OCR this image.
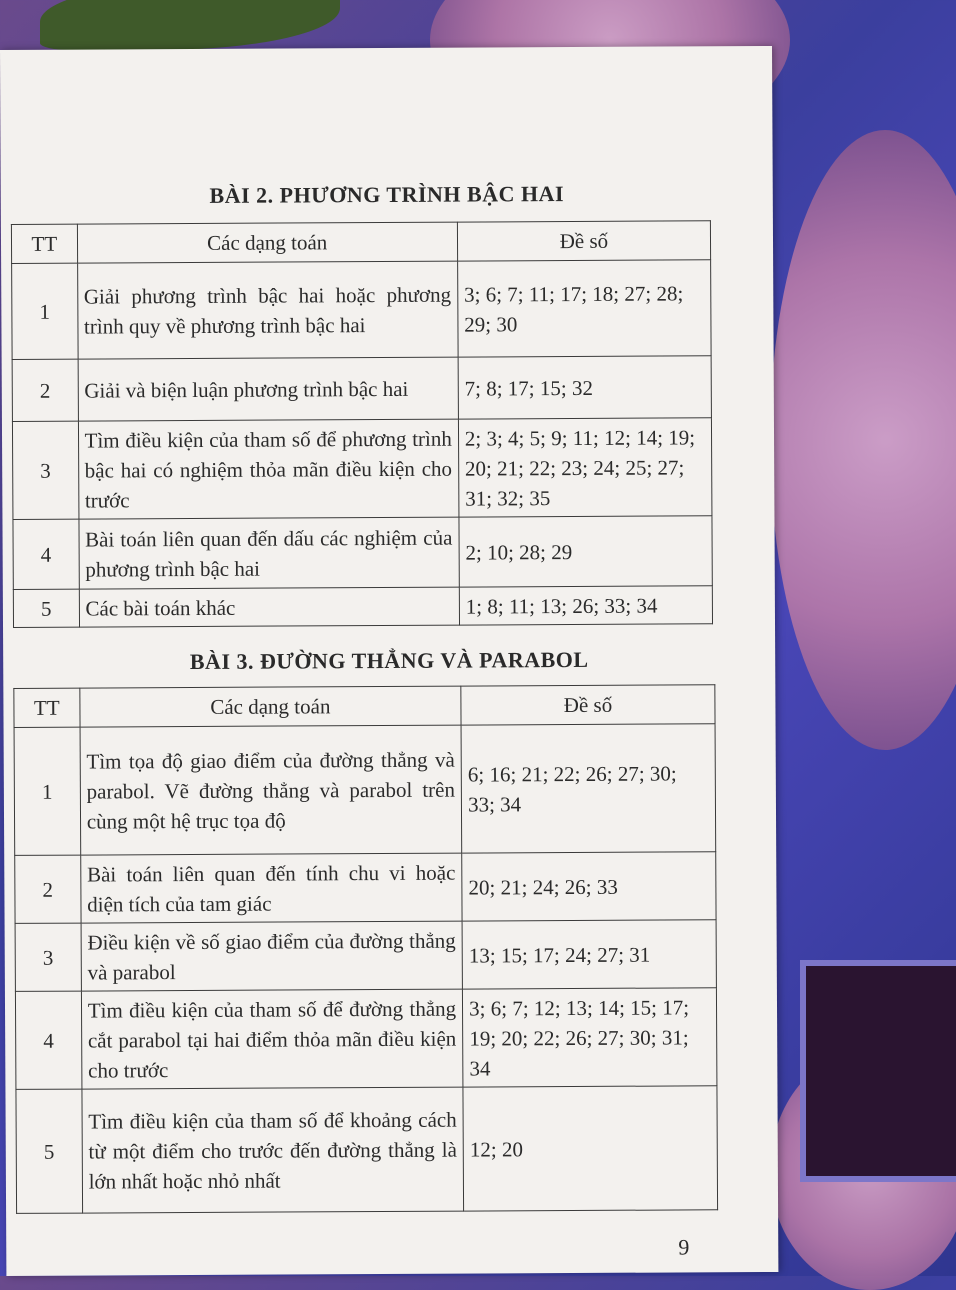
BÀI 2. PHƯƠNG TRÌNH BẬC HAI
TT	Các dạng toán	Đề số
1	Giải phương trình bậc hai hoặc phương trình quy về phương trình bậc hai	3; 6; 7; 11; 17; 18; 27; 28; 29; 30
2	Giải và biện luận phương trình bậc hai	7; 8; 17; 15; 32
3	Tìm điều kiện của tham số để phương trình bậc hai có nghiệm thỏa mãn điều kiện cho trước	2; 3; 4; 5; 9; 11; 12; 14; 19; 20; 21; 22; 23; 24; 25; 27; 31; 32; 35
4	Bài toán liên quan đến dấu các nghiệm của phương trình bậc hai	2; 10; 28; 29
5	Các bài toán khác	1; 8; 11; 13; 26; 33; 34
BÀI 3. ĐƯỜNG THẲNG VÀ PARABOL
TT	Các dạng toán	Đề số
1	Tìm tọa độ giao điểm của đường thẳng và parabol. Vẽ đường thẳng và parabol trên cùng một hệ trục tọa độ	6; 16; 21; 22; 26; 27; 30; 33; 34
2	Bài toán liên quan đến tính chu vi hoặc diện tích của tam giác	20; 21; 24; 26; 33
3	Điều kiện về số giao điểm của đường thẳng và parabol	13; 15; 17; 24; 27; 31
4	Tìm điều kiện của tham số để đường thẳng cắt parabol tại hai điểm thỏa mãn điều kiện cho trước	3; 6; 7; 12; 13; 14; 15; 17; 19; 20; 22; 26; 27; 30; 31; 34
5	Tìm điều kiện của tham số để khoảng cách từ một điểm cho trước đến đường thẳng là lớn nhất hoặc nhỏ nhất	12; 20
9
